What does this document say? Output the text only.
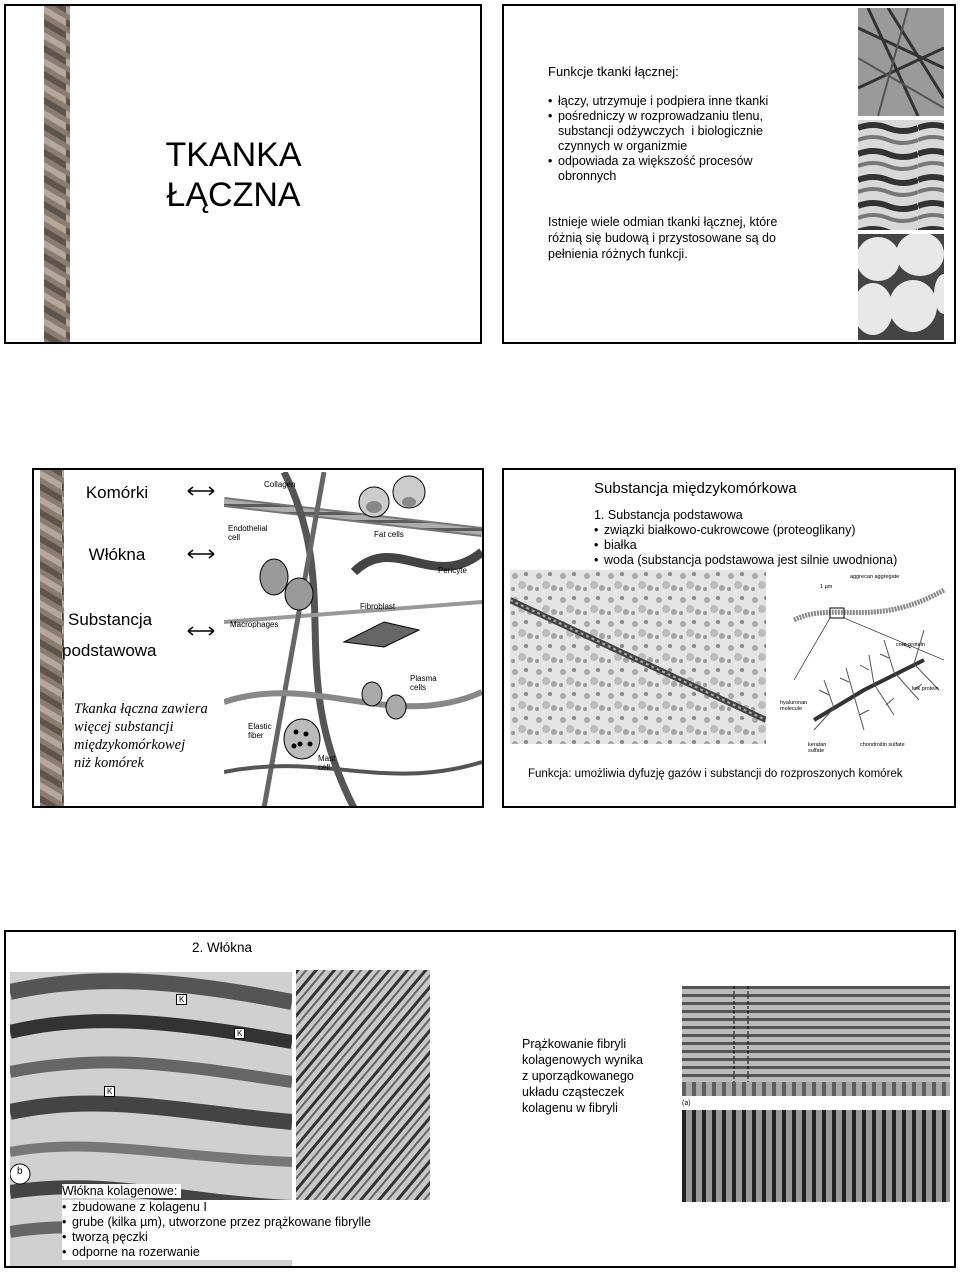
TKANKA
ŁĄCZNA
Funkcje tkanki łącznej:
• łączy, utrzymuje i podpiera inne tkanki
• pośredniczy w rozprowadzaniu tlenu, substancji odżywczych  i biologicznie czynnych w organizmie
• odpowiada za większość procesów obronnych
Istnieje wiele odmian tkanki łącznej, które różnią się budową i przystosowane są do pełnienia różnych funkcji.
Komórki
Włókna
Substancja
podstawowa
Tkanka łączna zawiera
więcej substancji
międzykomórkowej
niż komórek
Collagen
Endothelial
cell	Fat cells
Pericyte
Fibroblast
Macrophages
Plasma
cells
Elastic
fiber
Mast
cell
Substancja międzykomórkowa
1. Substancja podstawowa
• związki białkowo-cukrowcowe (proteoglikany)
• białka
• woda (substancja podstawowa jest silnie uwodniona)
aggrecan aggregate
1 µm
core protein
link protein
hyaluronan
molecule
keratan
sulfate
chondroitin sulfate
Funkcja: umożliwia dyfuzję gazów i substancji do rozproszonych komórek
2. Włókna
K
K
K
b
Prążkowanie fibryli
kolagenowych wynika
z uporządkowanego
układu cząsteczek
kolagenu w fibryli	(a)
Włókna kolagenowe:
• zbudowane z kolagenu I
• grube (kilka µm), utworzone przez prążkowane fibrylle
• tworzą pęczki
• odporne na rozerwanie
